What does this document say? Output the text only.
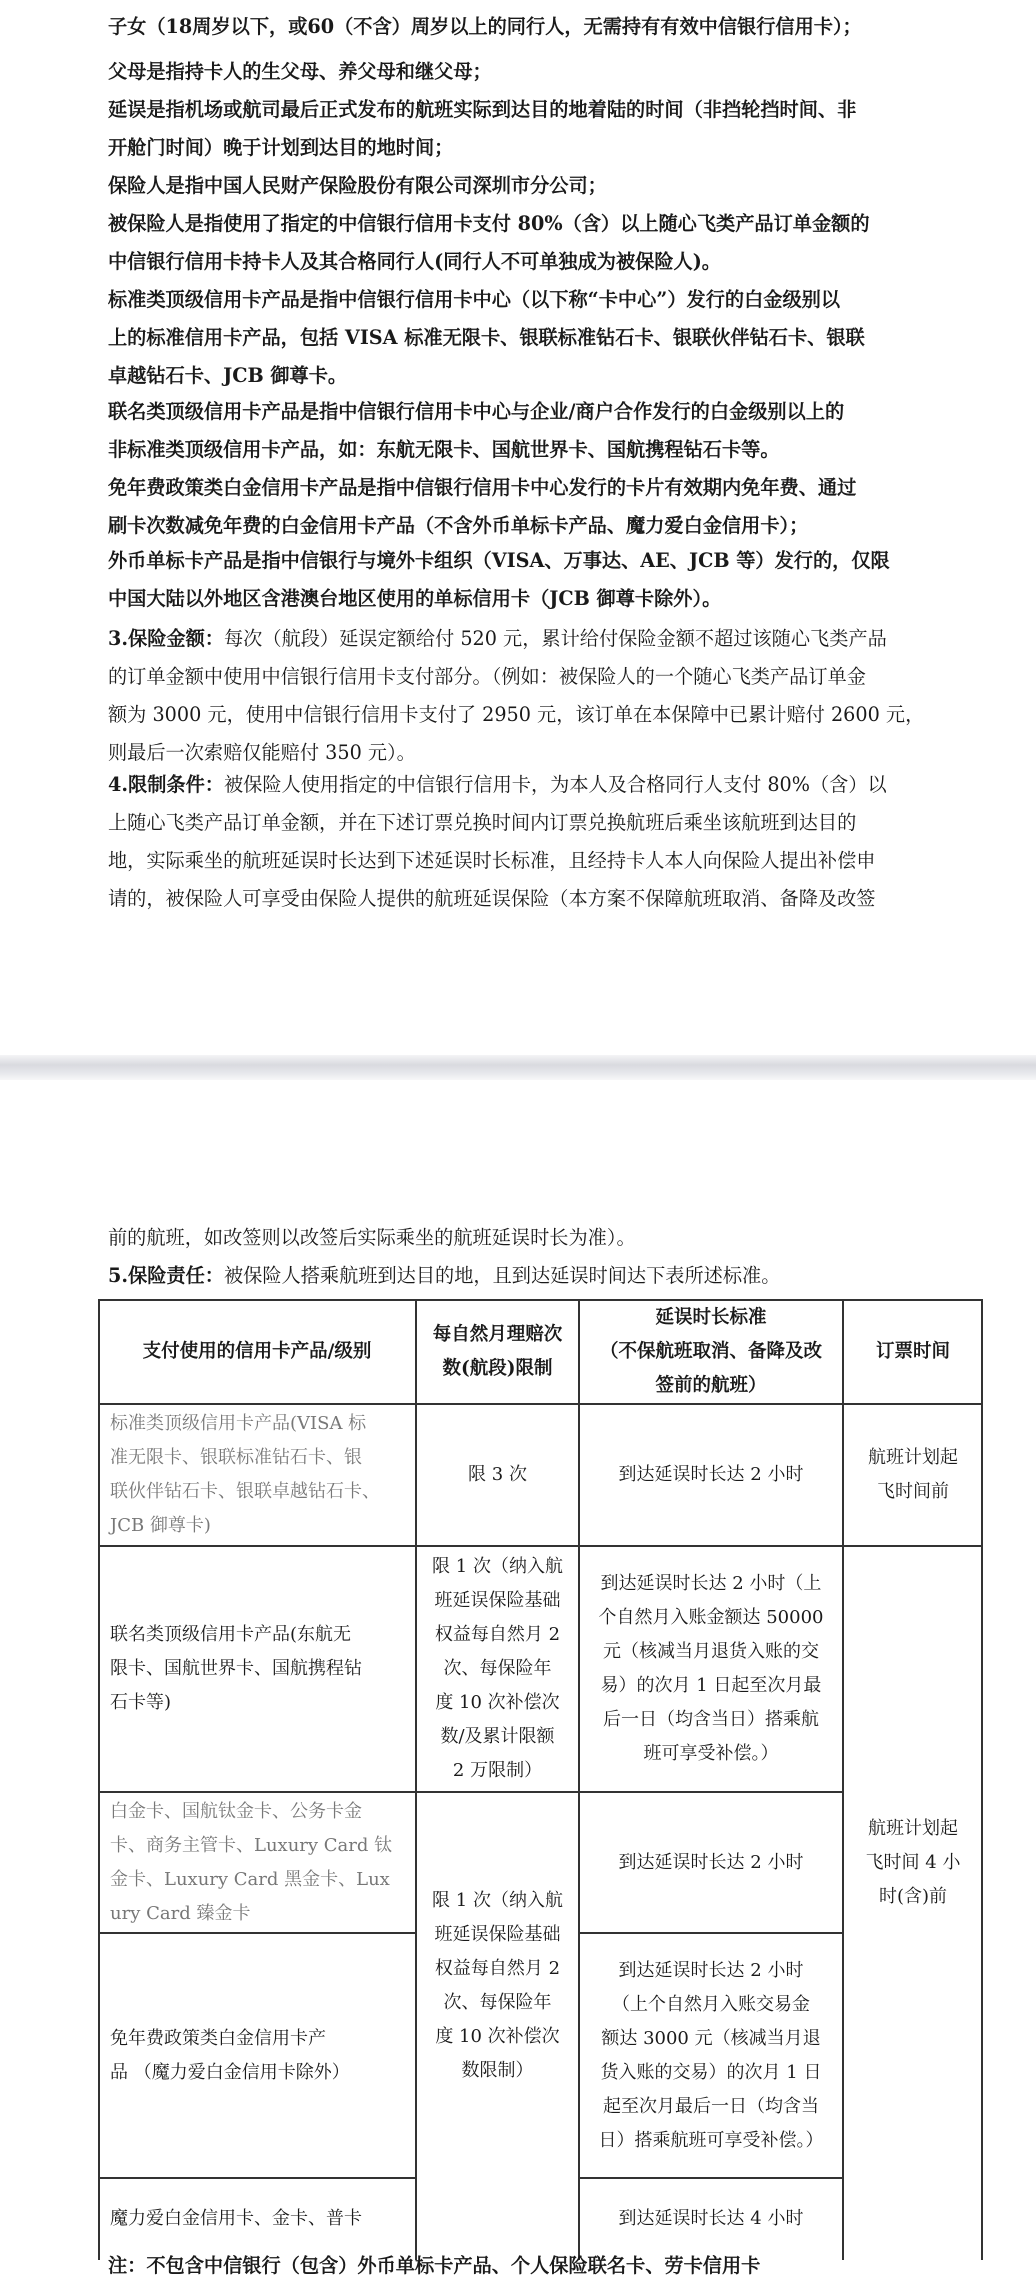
子女（18周岁以下，或60（不含）周岁以上的同行人，无需持有有效中信银行信用卡）；

父母是指持卡人的生父母、养父母和继父母；

延误是指机场或航司最后正式发布的航班实际到达目的地着陆的时间（非挡轮挡时间、非
开舱门时间）晚于计划到达目的地时间；

保险人是指中国人民财产保险股份有限公司深圳市分公司；

被保险人是指使用了指定的中信银行信用卡支付 80%（含）以上随心飞类产品订单金额的
中信银行信用卡持卡人及其合格同行人(同行人不可单独成为被保险人)。

标准类顶级信用卡产品是指中信银行信用卡中心（以下称“卡中心”）发行的白金级别以
上的标准信用卡产品，包括 VISA 标准无限卡、银联标准钻石卡、银联伙伴钻石卡、银联
卓越钻石卡、JCB 御尊卡。

联名类顶级信用卡产品是指中信银行信用卡中心与企业/商户合作发行的白金级别以上的
非标准类顶级信用卡产品，如：东航无限卡、国航世界卡、国航携程钻石卡等。

免年费政策类白金信用卡产品是指中信银行信用卡中心发行的卡片有效期内免年费、通过
刷卡次数减免年费的白金信用卡产品（不含外币单标卡产品、魔力爱白金信用卡）；

外币单标卡产品是指中信银行与境外卡组织（VISA、万事达、AE、JCB 等）发行的，仅限
中国大陆以外地区含港澳台地区使用的单标信用卡（JCB 御尊卡除外）。

3.保险金额：每次（航段）延误定额给付 520 元，累计给付保险金额不超过该随心飞类产品
的订单金额中使用中信银行信用卡支付部分。（例如：被保险人的一个随心飞类产品订单金
额为 3000 元，使用中信银行信用卡支付了 2950 元，该订单在本保障中已累计赔付 2600 元，
则最后一次索赔仅能赔付 350 元）。

4.限制条件：被保险人使用指定的中信银行信用卡，为本人及合格同行人支付 80%（含）以
上随心飞类产品订单金额，并在下述订票兑换时间内订票兑换航班后乘坐该航班到达目的
地，实际乘坐的航班延误时长达到下述延误时长标准，且经持卡人本人向保险人提出补偿申
请的，被保险人可享受由保险人提供的航班延误保险（本方案不保障航班取消、备降及改签

前的航班，如改签则以改签后实际乘坐的航班延误时长为准）。

5.保险责任：被保险人搭乘航班到达目的地，且到达延误时间达下表所述标准。

支付使用的信用卡产品/级别
每自然月理赔次
数(航段)限制
延误时长标准
（不保航班取消、备降及改
签前的航班）
订票时间
标准类顶级信用卡产品(VISA 标
准无限卡、银联标准钻石卡、银
联伙伴钻石卡、银联卓越钻石卡、
JCB 御尊卡)
限 3 次	到达延误时长达 2 小时
航班计划起
飞时间前
联名类顶级信用卡产品(东航无
限卡、国航世界卡、国航携程钻
石卡等)
限 1 次（纳入航
班延误保险基础
权益每自然月 2
次、每保险年
度 10 次补偿次
数/及累计限额
2 万限制）
到达延误时长达 2 小时（上
个自然月入账金额达 50000
元（核减当月退货入账的交
易）的次月 1 日起至次月最
后一日（均含当日）搭乘航
班可享受补偿。）
航班计划起
飞时间 4 小
时(含)前
白金卡、国航钛金卡、公务卡金
卡、商务主管卡、Luxury Card 钛
金卡、Luxury Card 黑金卡、Lux
ury Card 臻金卡
到达延误时长达 2 小时
限 1 次（纳入航
班延误保险基础
权益每自然月 2
次、每保险年
度 10 次补偿次
数限制）
免年费政策类白金信用卡产
品 （魔力爱白金信用卡除外）
到达延误时长达 2 小时
（上个自然月入账交易金
额达 3000 元（核减当月退
货入账的交易）的次月 1 日
起至次月最后一日（均含当
日）搭乘航班可享受补偿。）
魔力爱白金信用卡、金卡、普卡	到达延误时长达 4 小时

注：不包含中信银行（包含）外币单标卡产品、个人保险联名卡、劳卡信用卡
